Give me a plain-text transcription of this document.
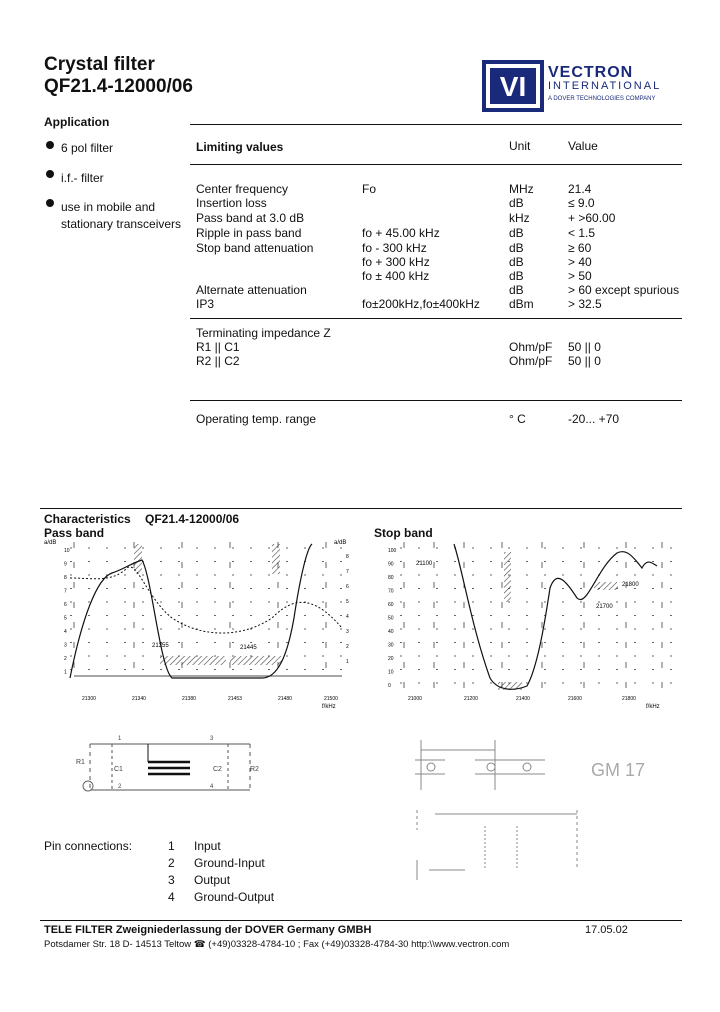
Crystal filter
QF21.4-12000/06	VI VECTRON
INTERNATIONAL
A DOVER TECHNOLOGIES COMPANY
Application
6 pol filter
i.f.- filter
use in mobile and
stationary transceivers
Limiting values	Unit	Value
Center frequency	Fo	MHz	21.4
Insertion loss	dB	≤ 9.0
Pass band at 3.0 dB	kHz	+ >60.00
Ripple in pass band	fo + 45.00 kHz	dB	< 1.5
Stop band attenuation	fo - 300 kHz	dB	≥ 60
fo + 300 kHz	dB	> 40
fo ± 400 kHz	dB	> 50
Alternate attenuation	dB	> 60 except spurious
IP3	fo±200kHz,fo±400kHz dBm	> 32.5
Terminating impedance Z
R1 || C1	Ohm/pF 50 || 0
R2 || C2	Ohm/pF 50 || 0
Operating temp. range	° C	-20... +70
Characteristics QF21.4-12000/06
Pass band	Stop band
a/dB	a/dB
10
9
8
7
6
5
4
3
2
1
8
7
6
5
4
3
2
1
21355	21445
21300	21340	21380	21453	21480	21500
f/kHz
100
90
80
70
60
50
40
30
20
10
0
21100
21700
21800
21000	21200	21400	21600	21800
f/kHz
R1
C1	C2	R2
1
2
3
4
GM 17
Pin connections:	1 Input
2 Ground-Input
3 Output
4 Ground-Output
TELE FILTER Zweigniederlassung der DOVER Germany GMBH	17.05.02
Potsdamer Str. 18 D- 14513 Teltow ☎ (+49)03328-4784-10 ; Fax (+49)03328-4784-30 http:\\www.vectron.com
